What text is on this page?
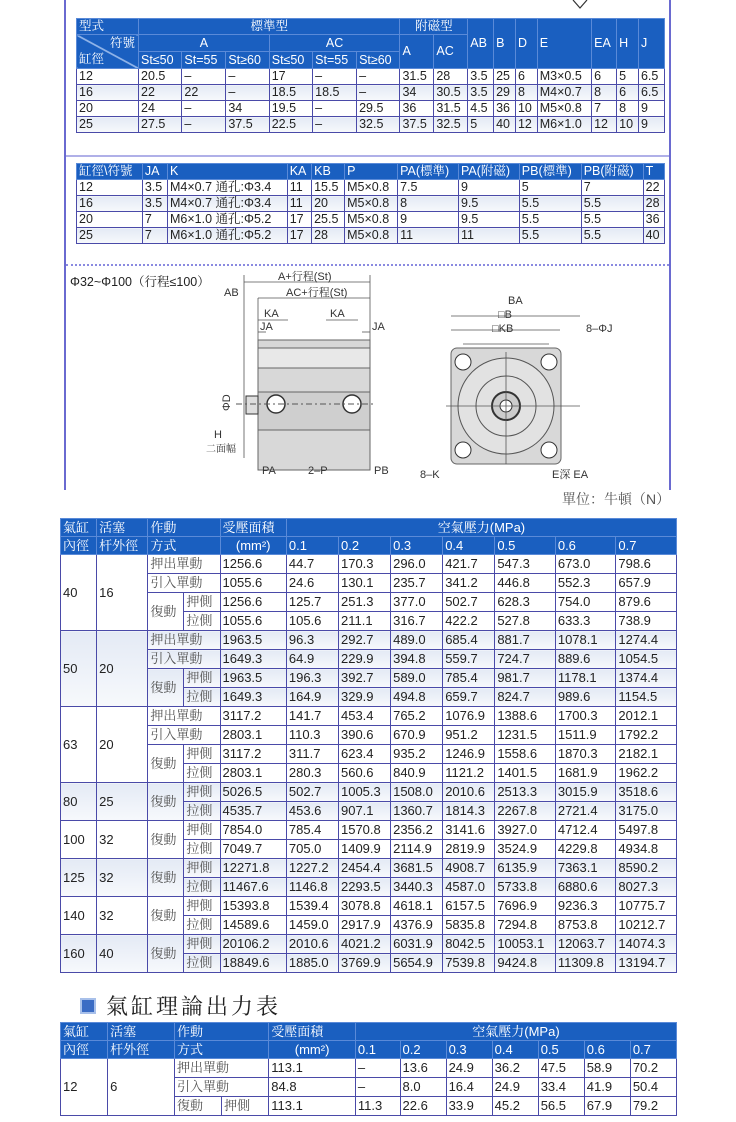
型式	標準型						附磁型		AB	B	D	E	EA	H	J

符號
缸徑	A			AC			A	AC							
	St≤50	St=55	St≥60	St≤50	St=55	St≥60									
12	20.5	–	–	17	–	–	31.5	28	3.5	25	6	M3×0.5	6	5	6.5
16	22	22	–	18.5	18.5	–	34	30.5	3.5	29	8	M4×0.7	8	6	6.5
20	24	–	34	19.5	–	29.5	36	31.5	4.5	36	10	M5×0.8	7	8	9
25	27.5	–	37.5	22.5	–	32.5	37.5	32.5	5	40	12	M6×1.0	12	10	9
缸徑\符號	JA	K	KA	KB	P	PA(標準)	PA(附磁)	PB(標準)	PB(附磁)	T
12	3.5	M4×0.7 通孔:Φ3.4	11	15.5	M5×0.8	7.5	9	5	7	22
16	3.5	M4×0.7 通孔:Φ3.4	11	20	M5×0.8	8	9.5	5.5	5.5	28
20	7	M6×1.0 通孔:Φ5.2	17	25.5	M5×0.8	9	9.5	5.5	5.5	36
25	7	M6×1.0 通孔:Φ5.2	17	28	M5×0.8	11	11	5.5	5.5	40
Φ32~Φ100（行程≤100）	A+行程(St)
AC+行程(St)
AB
KA	KA
JA	JA
ΦD
H
二面幅
PA	2–P	PB
BA
□B
□KB	8–ΦJ
8–K	E深 EA
單位：牛頓（N）
氣缸	活塞	作動		受壓面積	空氣壓力(MPa)						
內徑	杆外徑	方式		(mm²)	0.1	0.2	0.3	0.4	0.5	0.6	0.7
40	16	押出單動		1256.6	44.7	170.3	296.0	421.7	547.3	673.0	798.6
		引入單動		1055.6	24.6	130.1	235.7	341.2	446.8	552.3	657.9
		復動	押側	1256.6	125.7	251.3	377.0	502.7	628.3	754.0	879.6
			拉側	1055.6	105.6	211.1	316.7	422.2	527.8	633.3	738.9
50	20	押出單動		1963.5	96.3	292.7	489.0	685.4	881.7	1078.1	1274.4
		引入單動		1649.3	64.9	229.9	394.8	559.7	724.7	889.6	1054.5
		復動	押側	1963.5	196.3	392.7	589.0	785.4	981.7	1178.1	1374.4
			拉側	1649.3	164.9	329.9	494.8	659.7	824.7	989.6	1154.5
63	20	押出單動		3117.2	141.7	453.4	765.2	1076.9	1388.6	1700.3	2012.1
		引入單動		2803.1	110.3	390.6	670.9	951.2	1231.5	1511.9	1792.2
		復動	押側	3117.2	311.7	623.4	935.2	1246.9	1558.6	1870.3	2182.1
			拉側	2803.1	280.3	560.6	840.9	1121.2	1401.5	1681.9	1962.2
80	25	復動	押側	5026.5	502.7	1005.3	1508.0	2010.6	2513.3	3015.9	3518.6
			拉側	4535.7	453.6	907.1	1360.7	1814.3	2267.8	2721.4	3175.0
100	32	復動	押側	7854.0	785.4	1570.8	2356.2	3141.6	3927.0	4712.4	5497.8
			拉側	7049.7	705.0	1409.9	2114.9	2819.9	3524.9	4229.8	4934.8
125	32	復動	押側	12271.8	1227.2	2454.4	3681.5	4908.7	6135.9	7363.1	8590.2
			拉側	11467.6	1146.8	2293.5	3440.3	4587.0	5733.8	6880.6	8027.3
140	32	復動	押側	15393.8	1539.4	3078.8	4618.1	6157.5	7696.9	9236.3	10775.7
			拉側	14589.6	1459.0	2917.9	4376.9	5835.8	7294.8	8753.8	10212.7
160	40	復動	押側	20106.2	2010.6	4021.2	6031.9	8042.5	10053.1	12063.7	14074.3
			拉側	18849.6	1885.0	3769.9	5654.9	7539.8	9424.8	11309.8	13194.7
氣缸理論出力表
氣缸	活塞	作動		受壓面積	空氣壓力(MPa)						
內徑	杆外徑	方式		(mm²)	0.1	0.2	0.3	0.4	0.5	0.6	0.7
12	6	押出單動		113.1	–	13.6	24.9	36.2	47.5	58.9	70.2
		引入單動		84.8	–	8.0	16.4	24.9	33.4	41.9	50.4
		復動	押側	113.1	11.3	22.6	33.9	45.2	56.5	67.9	79.2
